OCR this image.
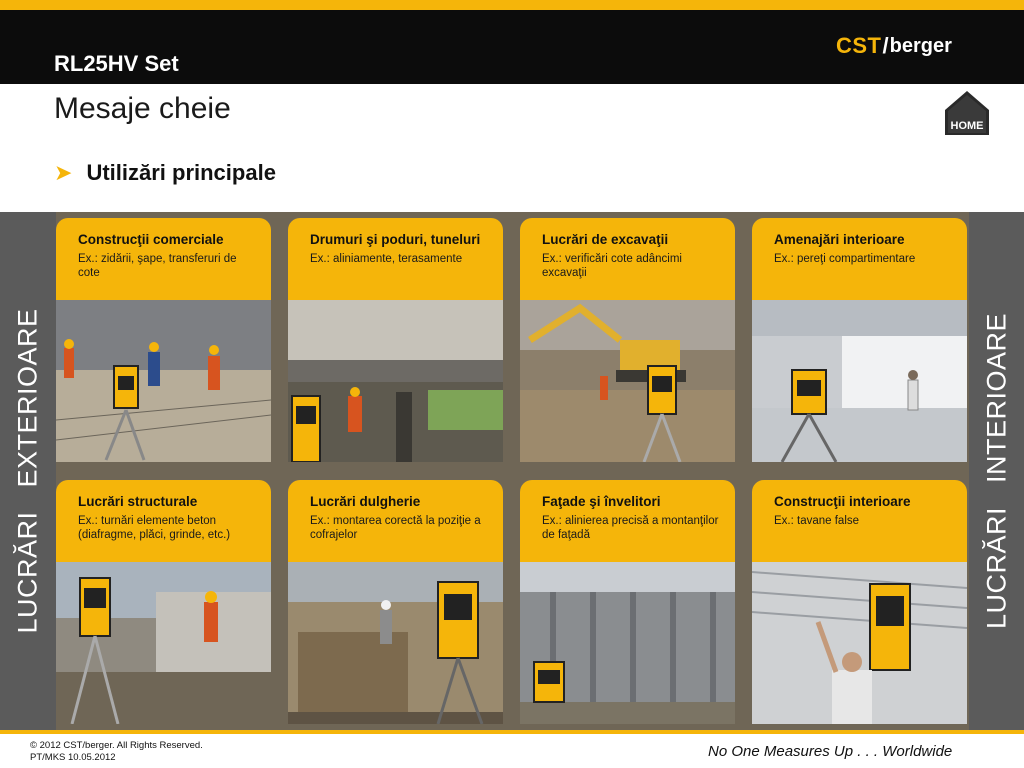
RL25HV Set
CST / berger
Mesaje cheie
HOME
➤ Utilizări principale
LUCRĂRI   EXTERIOARE	LUCRĂRI   INTERIOARE
Construcţii comerciale
Ex.: zidării, şape, transferuri de cote
Drumuri şi poduri, tuneluri
Ex.: aliniamente, terasamente
Lucrări de excavaţii
Ex.: verificări cote adâncimi excavaţii
Amenajări interioare
Ex.: pereţi compartimentare
Lucrări structurale
Ex.: turnări elemente beton (diafragme, plăci, grinde, etc.)
Lucrări dulgherie
Ex.: montarea corectă la poziţie a cofrajelor
Faţade şi învelitori
Ex.: alinierea precisă a montanţilor de faţadă
Construcţii interioare
Ex.: tavane false
© 2012 CST/berger. All Rights Reserved.
PT/MKS 10.05.2012	No One Measures Up . . . Worldwide
